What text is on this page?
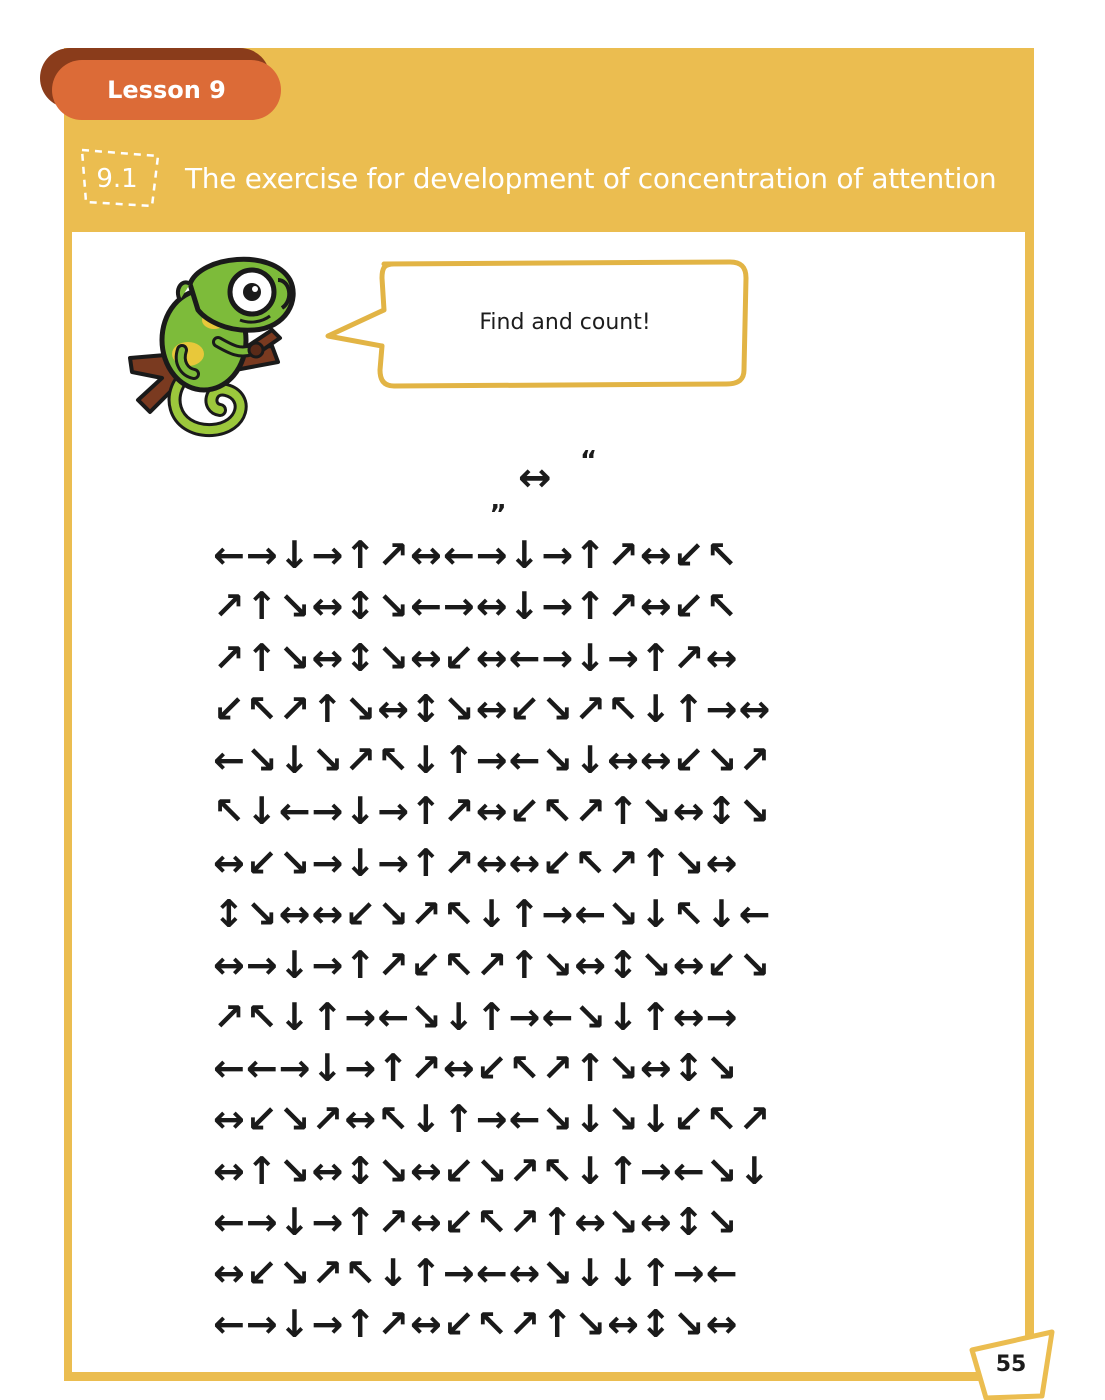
Lesson 9
9.1	The exercise for development of concentration of attention
Find and count!
„ ↔ “
←→↓→↑↗↔←→↓→↑↗↔↙↖
↗↑↘↔↕↘←→↔↓→↑↗↔↙↖
↗↑↘↔↕↘↔↙↔←→↓→↑↗↔
↙↖↗↑↘↔↕↘↔↙↘↗↖↓↑→↔
←↘↓↘↗↖↓↑→←↘↓↔↔↙↘↗
↖↓←→↓→↑↗↔↙↖↗↑↘↔↕↘
↔↙↘→↓→↑↗↔↔↙↖↗↑↘↔
↕↘↔↔↙↘↗↖↓↑→←↘↓↖↓←
↔→↓→↑↗↙↖↗↑↘↔↕↘↔↙↘
↗↖↓↑→←↘↓↑→←↘↓↑↔→
←←→↓→↑↗↔↙↖↗↑↘↔↕↘
↔↙↘↗↔↖↓↑→←↘↓↘↓↙↖↗
↔↑↘↔↕↘↔↙↘↗↖↓↑→←↘↓
←→↓→↑↗↔↙↖↗↑↔↘↔↕↘
↔↙↘↗↖↓↑→←↔↘↓↓↑→←
←→↓→↑↗↔↙↖↗↑↘↔↕↘↔
55
